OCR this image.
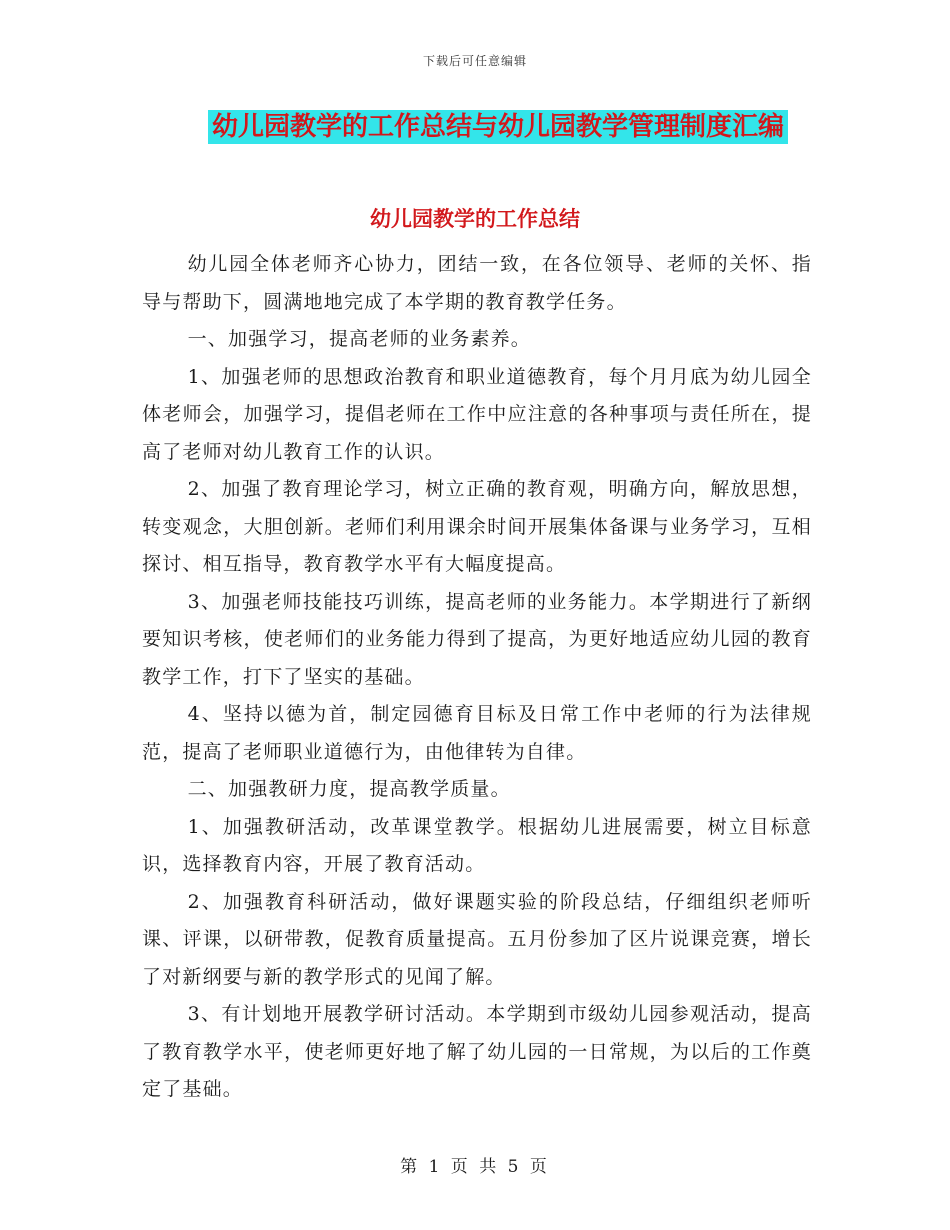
下载后可任意编辑
幼儿园教学的工作总结与幼儿园教学管理制度汇编
幼儿园教学的工作总结

幼儿园全体老师齐心协力，团结一致，在各位领导、老师的关怀、指导与帮助下，圆满地地完成了本学期的教育教学任务。

一、加强学习，提高老师的业务素养。

1、加强老师的思想政治教育和职业道德教育，每个月月底为幼儿园全体老师会，加强学习，提倡老师在工作中应注意的各种事项与责任所在，提高了老师对幼儿教育工作的认识。

2、加强了教育理论学习，树立正确的教育观，明确方向，解放思想，转变观念，大胆创新。老师们利用课余时间开展集体备课与业务学习，互相探讨、相互指导，教育教学水平有大幅度提高。

3、加强老师技能技巧训练，提高老师的业务能力。本学期进行了新纲要知识考核，使老师们的业务能力得到了提高，为更好地适应幼儿园的教育教学工作，打下了坚实的基础。

4、坚持以德为首，制定园德育目标及日常工作中老师的行为法律规范，提高了老师职业道德行为，由他律转为自律。

二、加强教研力度，提高教学质量。

1、加强教研活动，改革课堂教学。根据幼儿进展需要，树立目标意识，选择教育内容，开展了教育活动。

2、加强教育科研活动，做好课题实验的阶段总结，仔细组织老师听课、评课，以研带教，促教育质量提高。五月份参加了区片说课竞赛，增长了对新纲要与新的教学形式的见闻了解。

3、有计划地开展教学研讨活动。本学期到市级幼儿园参观活动，提高了教育教学水平，使老师更好地了解了幼儿园的一日常规，为以后的工作奠定了基础。

第 1 页 共 5 页
